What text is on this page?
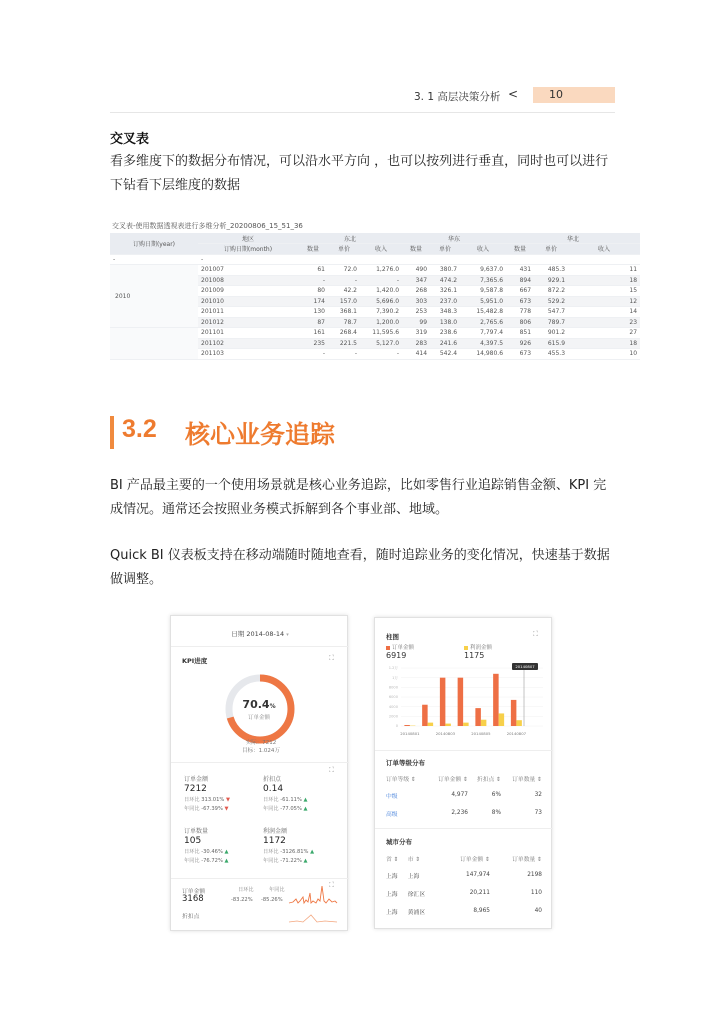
3. 1 高层决策分析 <	10
交叉表
看多维度下的数据分布情况，可以沿水平方向 ，也可以按列进行垂直，同时也可以进行下钻看下层维度的数据
交叉表-使用数据透视表进行多维分析_20200806_15_51_36
订购日期(year)	地区	东北			华东			华北		
	订购日期(month)	数量	单价	收入	数量	单价	收入	数量	单价	收入
-	-									
2010	201007	61	72.0	1,276.0	490	380.7	9,637.0	431	485.3	11
	201008	-	-	-	347	474.2	7,365.6	894	929.1	18
	201009	80	42.2	1,420.0	268	326.1	9,587.8	667	872.2	15
	201010	174	157.0	5,696.0	303	237.0	5,951.0	673	529.2	12
	201011	130	368.1	7,390.2	253	348.3	15,482.8	778	547.7	14
	201012	87	78.7	1,200.0	99	138.0	2,765.6	806	789.7	23
	201101	161	268.4	11,595.6	319	238.6	7,797.4	851	901.2	27
	201102	235	221.5	5,127.0	283	241.6	4,397.5	926	615.9	18
	201103	-	-	-	414	542.4	14,980.6	673	455.3	10
3.2 核心业务追踪
BI 产品最主要的一个使用场景就是核心业务追踪，比如零售行业追踪销售金额、KPI 完成情况。通常还会按照业务模式拆解到各个事业部、地域。
Quick BI 仪表板支持在移动端随时随地查看，随时追踪业务的变化情况，快速基于数据做调整。
日期 2014-08-14 ▾
KPI进度	⛶
70.4%
订单金额
实际：7212
目标：1.024万
⛶
订单金额
7212
日环比 313.01% ▼
年同比 -67.39% ▼
折扣点
0.14
日环比 -61.11% ▲
年同比 -77.05% ▲
订单数量
105
日环比 -30.46% ▲
年同比 -76.72% ▲
利润金额
1172
日环比 -3126.81% ▲
年同比 -71.22% ▲
⛶
订单金额
3168
日环比
-83.22%
年同比
-85.26%
折扣点
柱图	⛶
订单金额
6919
利润金额
1175
1.2万
1万
8000
6000
4000
2000
0
20140801	20140803	20140805	20140807
20140807
订单等级分布
订单等级 ⇕	订单金额 ⇕	折扣点 ⇕	订单数量 ⇕
中级	4,977	6%	32
高级	2,236	8%	73
城市分布
省 ⇕	市 ⇕	订单金额 ⇕	订单数量 ⇕
上海	上海	147,974	2198
上海	徐汇区	20,211	110
上海	黄浦区	8,965	40
